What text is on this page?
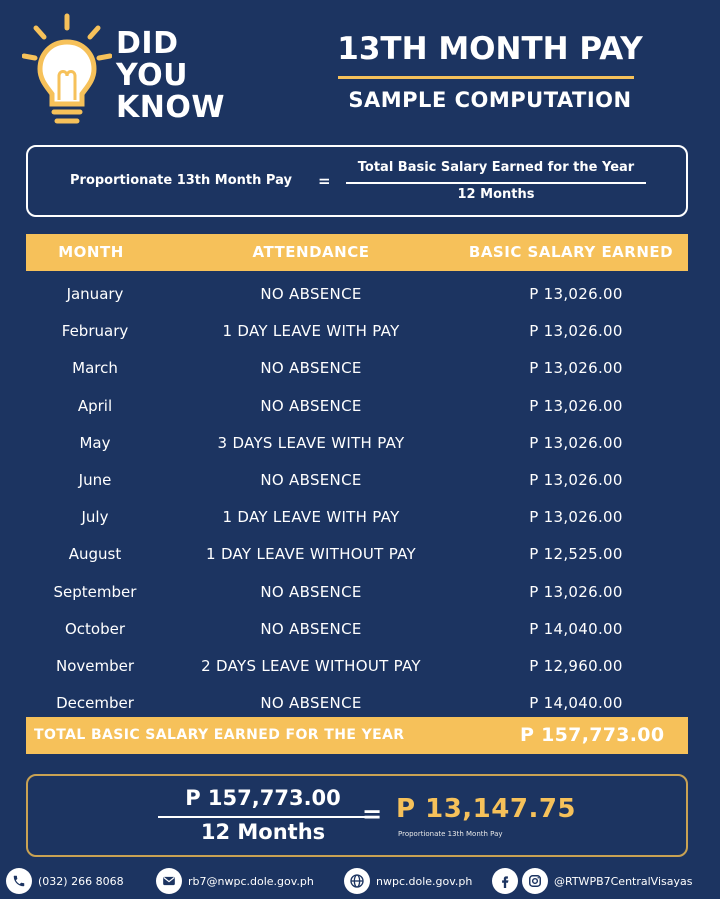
DID
YOU
KNOW
13TH MONTH PAY
SAMPLE COMPUTATION
Proportionate 13th Month Pay =
Total Basic Salary Earned for the Year
12 Months
MONTH	ATTENDANCE	BASIC SALARY EARNED
January	NO ABSENCE	P 13,026.00
February	1 DAY LEAVE WITH PAY	P 13,026.00
March	NO ABSENCE	P 13,026.00
April	NO ABSENCE	P 13,026.00
May	3 DAYS LEAVE WITH PAY	P 13,026.00
June	NO ABSENCE	P 13,026.00
July	1 DAY LEAVE WITH PAY	P 13,026.00
August	1 DAY LEAVE WITHOUT PAY	P 12,525.00
September	NO ABSENCE	P 13,026.00
October	NO ABSENCE	P 14,040.00
November	2 DAYS LEAVE WITHOUT PAY	P 12,960.00
December	NO ABSENCE	P 14,040.00
TOTAL BASIC SALARY EARNED FOR THE YEAR	P 157,773.00
P 157,773.00
12 Months
= P 13,147.75
Proportionate 13th Month Pay
(032) 266 8068	rb7@nwpc.dole.gov.ph	nwpc.dole.gov.ph	@RTWPB7CentralVisayas
